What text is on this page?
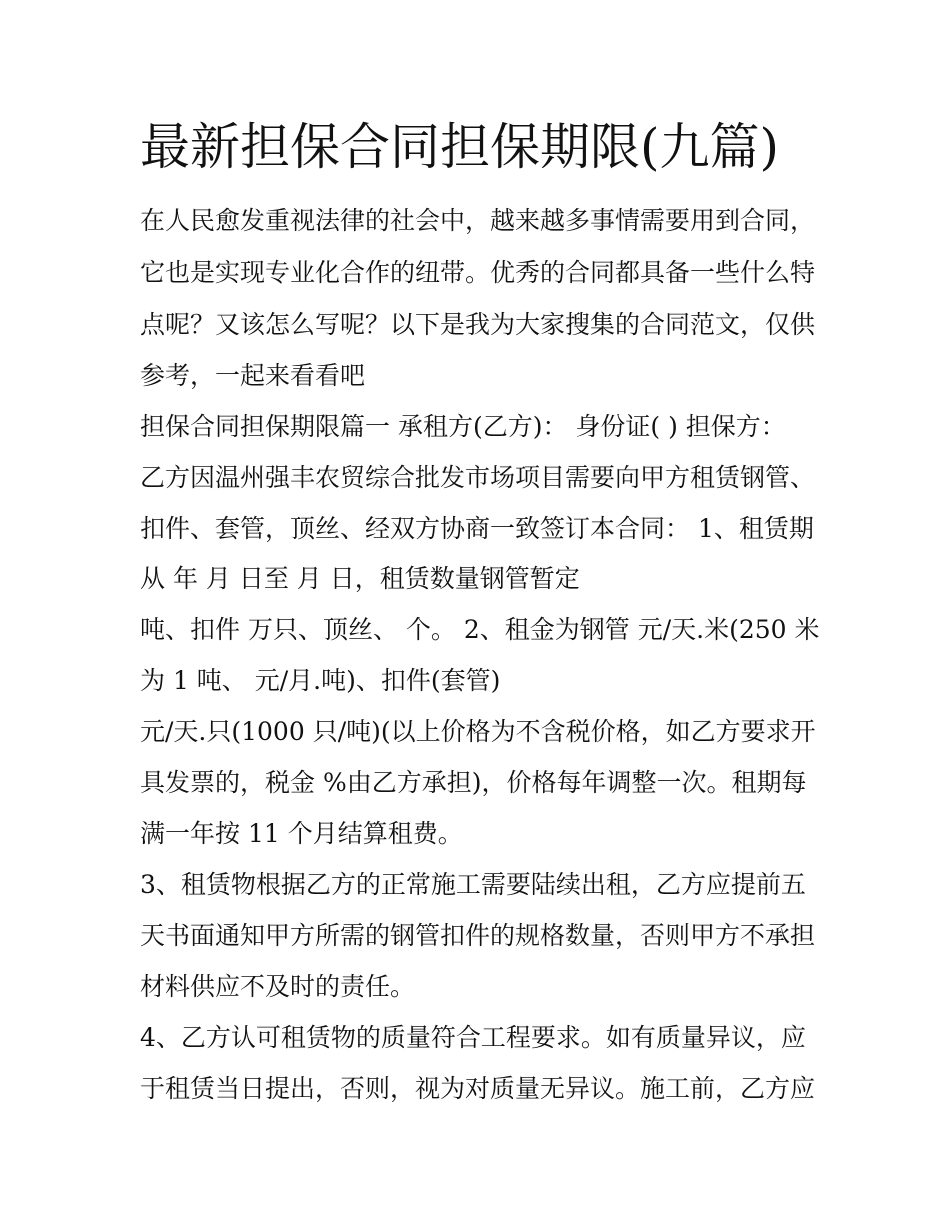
最新担保合同担保期限(九篇)

在人民愈发重视法律的社会中，越来越多事情需要用到合同，

它也是实现专业化合作的纽带。优秀的合同都具备一些什么特

点呢？又该怎么写呢？以下是我为大家搜集的合同范文，仅供

参考，一起来看看吧

担保合同担保期限篇一 承租方(乙方)： 身份证( ) 担保方：

乙方因温州强丰农贸综合批发市场项目需要向甲方租赁钢管、

扣件、套管，顶丝、经双方协商一致签订本合同： 1、租赁期

从 年 月 日至 月 日，租赁数量钢管暂定

吨、扣件 万只、顶丝、 个。 2、租金为钢管 元/天.米(250 米

为 1 吨、 元/月.吨)、扣件(套管)

元/天.只(1000 只/吨)(以上价格为不含税价格，如乙方要求开

具发票的，税金 %由乙方承担)，价格每年调整一次。租期每

满一年按 11 个月结算租费。

3、租赁物根据乙方的正常施工需要陆续出租，乙方应提前五

天书面通知甲方所需的钢管扣件的规格数量，否则甲方不承担

材料供应不及时的责任。

4、乙方认可租赁物的质量符合工程要求。如有质量异议，应

于租赁当日提出，否则，视为对质量无异议。施工前，乙方应
